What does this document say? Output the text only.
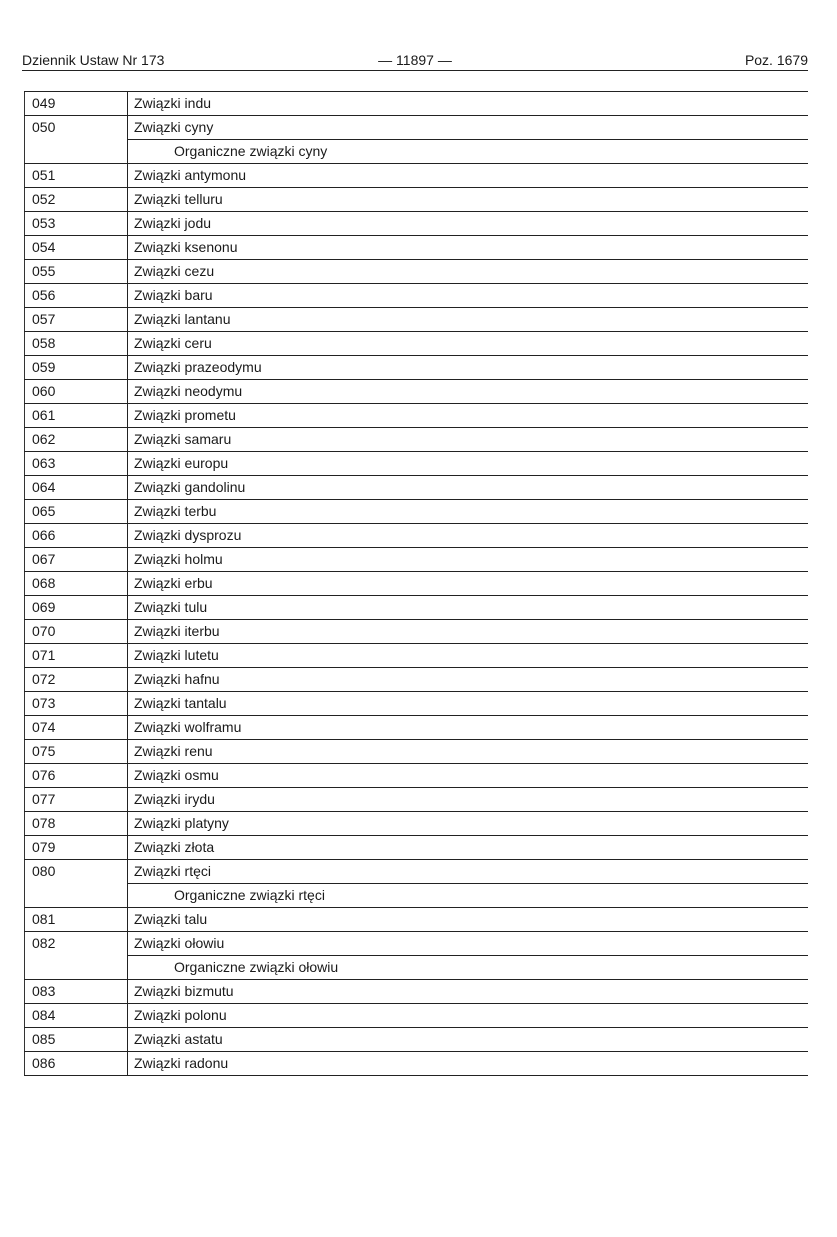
Dziennik Ustaw Nr 173	— 11897 —	Poz. 1679
049	Związki indu
050	Związki cyny
	Organiczne związki cyny
051	Związki antymonu
052	Związki telluru
053	Związki jodu
054	Związki ksenonu
055	Związki cezu
056	Związki baru
057	Związki lantanu
058	Związki ceru
059	Związki prazeodymu
060	Związki neodymu
061	Związki prometu
062	Związki samaru
063	Związki europu
064	Związki gandolinu
065	Związki terbu
066	Związki dysprozu
067	Związki holmu
068	Związki erbu
069	Związki tulu
070	Związki iterbu
071	Związki lutetu
072	Związki hafnu
073	Związki tantalu
074	Związki wolframu
075	Związki renu
076	Związki osmu
077	Związki irydu
078	Związki platyny
079	Związki złota
080	Związki rtęci
	Organiczne związki rtęci
081	Związki talu
082	Związki ołowiu
	Organiczne związki ołowiu
083	Związki bizmutu
084	Związki polonu
085	Związki astatu
086	Związki radonu
